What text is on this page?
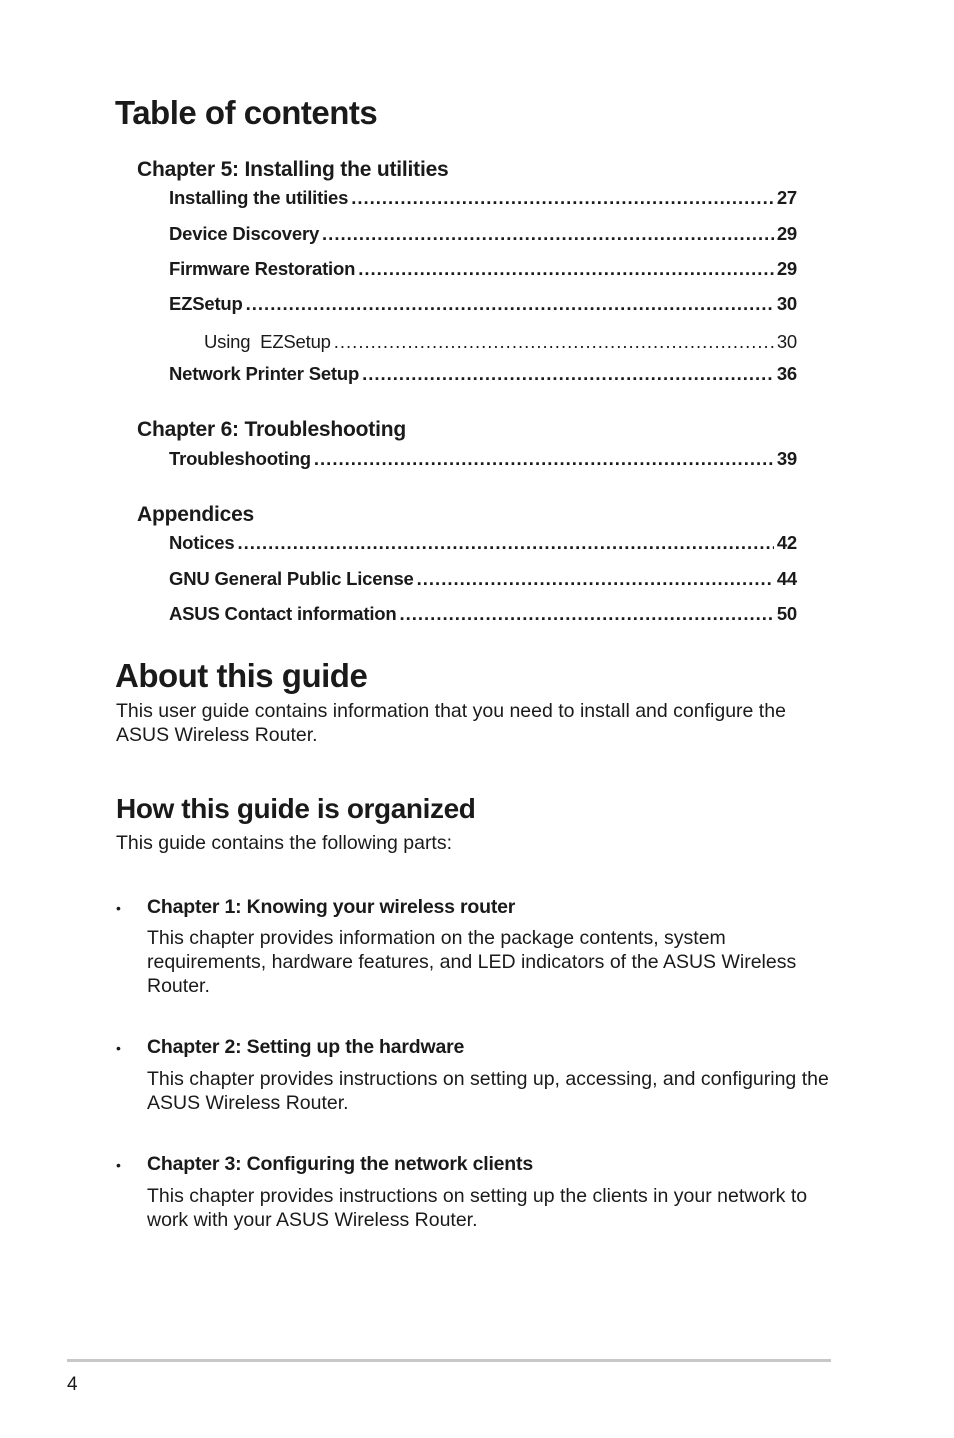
Table of contents
Chapter 5: Installing the utilities
Installing the utilities .....	27
Device Discovery .....	29
Firmware Restoration .....	29
EZSetup .....	30
Using  EZSetup .....	30
Network Printer Setup .....	36
Chapter 6: Troubleshooting
Troubleshooting .....	39
Appendices
Notices .....	42
GNU General Public License .....	44
ASUS Contact information .....	50
About this guide
This user guide contains information that you need to install and configure the
ASUS Wireless Router.
How this guide is organized
This guide contains the following parts:
• Chapter 1: Knowing your wireless router
This chapter provides information on the package contents, system
requirements, hardware features, and LED indicators of the ASUS Wireless
Router.
• Chapter 2: Setting up the hardware
This chapter provides instructions on setting up, accessing, and configuring the
ASUS Wireless Router.
• Chapter 3: Configuring the network clients
This chapter provides instructions on setting up the clients in your network to
work with your ASUS Wireless Router.
4
